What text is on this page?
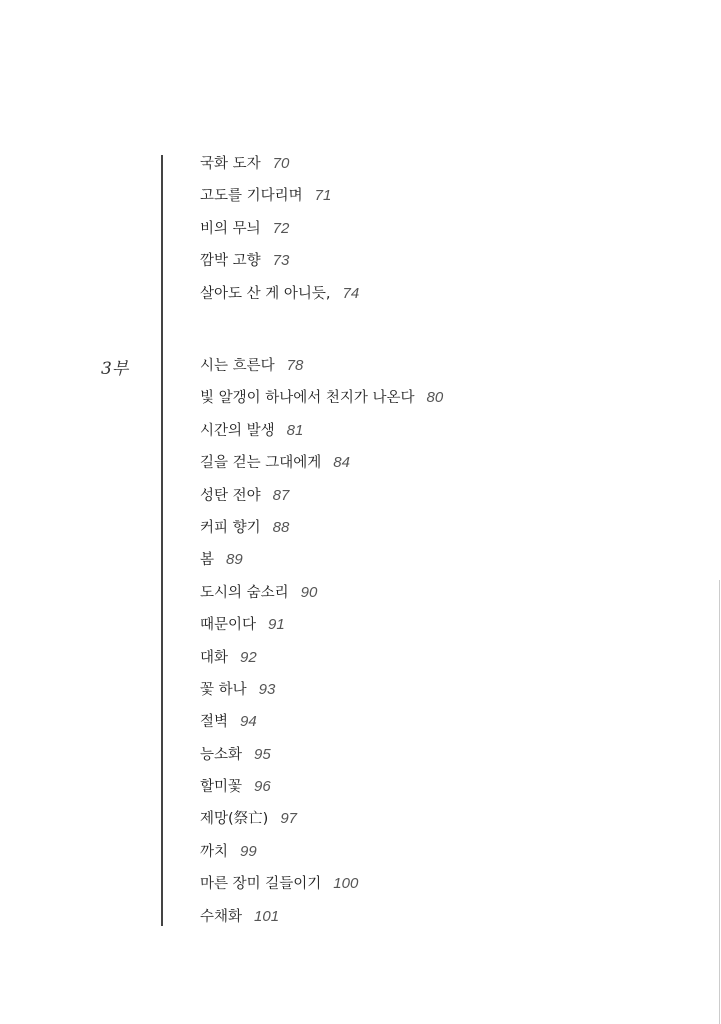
3부
국화 도자 70
고도를 기다리며 71
비의 무늬 72
깜박 고향 73
살아도 산 게 아니듯, 74
시는 흐른다 78
빛 알갱이 하나에서 천지가 나온다 80
시간의 발생 81
길을 걷는 그대에게 84
성탄 전야 87
커피 향기 88
봄 89
도시의 숨소리 90
때문이다 91
대화 92
꽃 하나 93
절벽 94
능소화 95
할미꽃 96
제망(祭亡) 97
까치 99
마른 장미 길들이기 100
수채화 101
